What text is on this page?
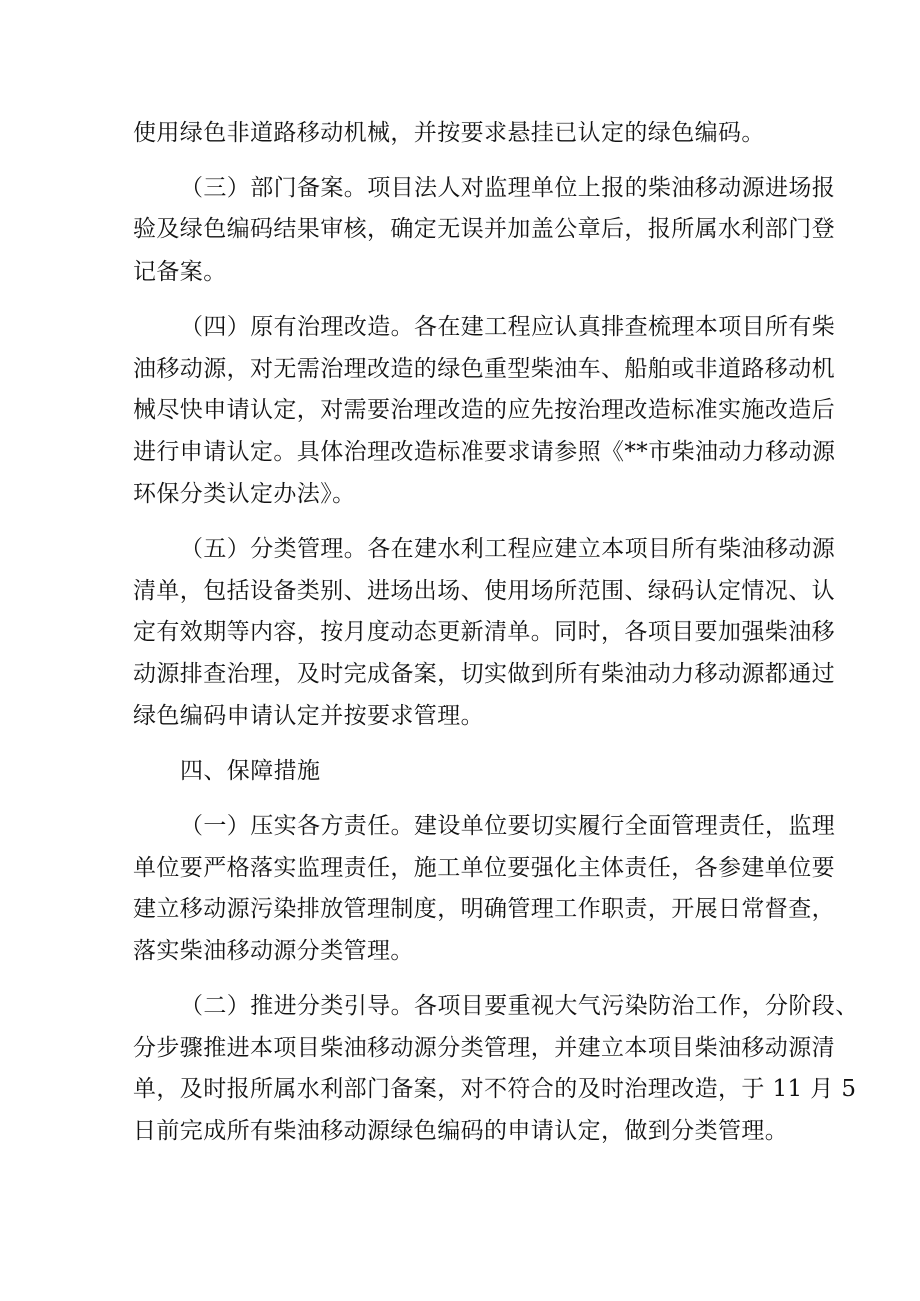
使用绿色非道路移动机械，并按要求悬挂已认定的绿色编码。
（三）部门备案。项目法人对监理单位上报的柴油移动源进场报
验及绿色编码结果审核，确定无误并加盖公章后，报所属水利部门登
记备案。
（四）原有治理改造。各在建工程应认真排查梳理本项目所有柴
油移动源，对无需治理改造的绿色重型柴油车、船舶或非道路移动机
械尽快申请认定，对需要治理改造的应先按治理改造标准实施改造后
进行申请认定。具体治理改造标准要求请参照《**市柴油动力移动源
环保分类认定办法》。
（五）分类管理。各在建水利工程应建立本项目所有柴油移动源
清单，包括设备类别、进场出场、使用场所范围、绿码认定情况、认
定有效期等内容，按月度动态更新清单。同时，各项目要加强柴油移
动源排查治理，及时完成备案，切实做到所有柴油动力移动源都通过
绿色编码申请认定并按要求管理。
四、保障措施
（一）压实各方责任。建设单位要切实履行全面管理责任，监理
单位要严格落实监理责任，施工单位要强化主体责任，各参建单位要
建立移动源污染排放管理制度，明确管理工作职责，开展日常督查，
落实柴油移动源分类管理。
（二）推进分类引导。各项目要重视大气污染防治工作，分阶段、
分步骤推进本项目柴油移动源分类管理，并建立本项目柴油移动源清
单，及时报所属水利部门备案，对不符合的及时治理改造，于 11 月 5
日前完成所有柴油移动源绿色编码的申请认定，做到分类管理。
